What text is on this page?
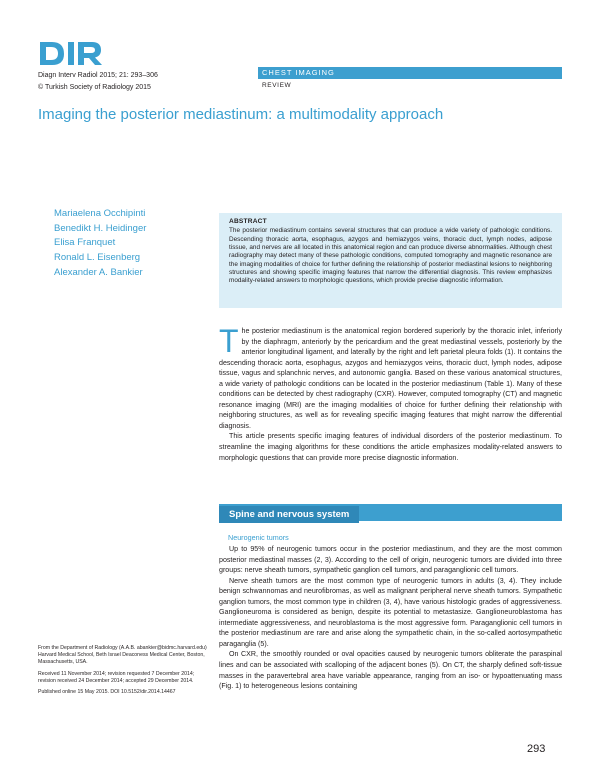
Diagn Interv Radiol 2015; 21: 293–306
© Turkish Society of Radiology 2015
CHEST IMAGING
REVIEW
Imaging the posterior mediastinum: a multimodality approach
Mariaelena Occhipinti
Benedikt H. Heidinger
Elisa Franquet
Ronald L. Eisenberg
Alexander A. Bankier
ABSTRACT
The posterior mediastinum contains several structures that can produce a wide variety of pathologic conditions. Descending thoracic aorta, esophagus, azygos and hemiazygos veins, thoracic duct, lymph nodes, adipose tissue, and nerves are all located in this anatomical region and can produce diverse abnormalities. Although chest radiography may detect many of these pathologic conditions, computed tomography and magnetic resonance are the imaging modalities of choice for further defining the relationship of posterior mediastinal lesions to neighboring structures and showing specific imaging features that narrow the differential diagnosis. This review emphasizes modality-related answers to morphologic questions, which provide precise diagnostic information.

The posterior mediastinum is the anatomical region bordered superiorly by the thoracic inlet, inferiorly by the diaphragm, anteriorly by the pericardium and the great mediastinal vessels, posteriorly by the anterior longitudinal ligament, and laterally by the right and left parietal pleura folds (1). It contains the descending thoracic aorta, esophagus, azygos and hemiazygos veins, thoracic duct, lymph nodes, adipose tissue, vagus and splanchnic nerves, and autonomic ganglia. Based on these various anatomical structures, a wide variety of pathologic conditions can be located in the posterior mediastinum (Table 1). Many of these conditions can be detected by chest radiography (CXR). However, computed tomography (CT) and magnetic resonance imaging (MRI) are the imaging modalities of choice for further defining their relationship with neighboring structures, as well as for revealing specific imaging features that might narrow the differential diagnosis.

This article presents specific imaging features of individual disorders of the posterior mediastinum. To streamline the imaging algorithms for these conditions the article emphasizes modality-related answers to morphologic questions that can provide more precise diagnostic information.

Spine and nervous system
Neurogenic tumors

Up to 95% of neurogenic tumors occur in the posterior mediastinum, and they are the most common posterior mediastinal masses (2, 3). According to the cell of origin, neurogenic tumors are divided into three groups: nerve sheath tumors, sympathetic ganglion cell tumors, and paraganglionic cell tumors.

Nerve sheath tumors are the most common type of neurogenic tumors in adults (3, 4). They include benign schwannomas and neurofibromas, as well as malignant peripheral nerve sheath tumors. Sympathetic ganglion tumors, the most common type in children (3, 4), have various histologic grades of aggressiveness. Ganglioneuroma is considered as benign, despite its potential to metastasize. Ganglioneuroblastoma has intermediate aggressiveness, and neuroblastoma is the most aggressive form. Paraganglionic cell tumors in the posterior mediastinum are rare and arise along the sympathetic chain, in the so-called aortosympathetic paraganglia (5).

On CXR, the smoothly rounded or oval opacities caused by neurogenic tumors obliterate the paraspinal lines and can be associated with scalloping of the adjacent bones (5). On CT, the sharply defined soft-tissue masses in the paravertebral area have variable appearance, ranging from an iso- or hypoattenuating mass (Fig. 1) to heterogeneous lesions containing

From the Department of Radiology (A.A.B. abankier@bidmc.harvard.edu) Harvard Medical School, Beth Israel Deaconess Medical Center, Boston, Massachusetts, USA.

Received 11 November 2014; revision requested 7 December 2014; revision received 24 December 2014; accepted 29 December 2014.

Published online 15 May 2015. DOI 10.5152/dir.2014.14467

293
